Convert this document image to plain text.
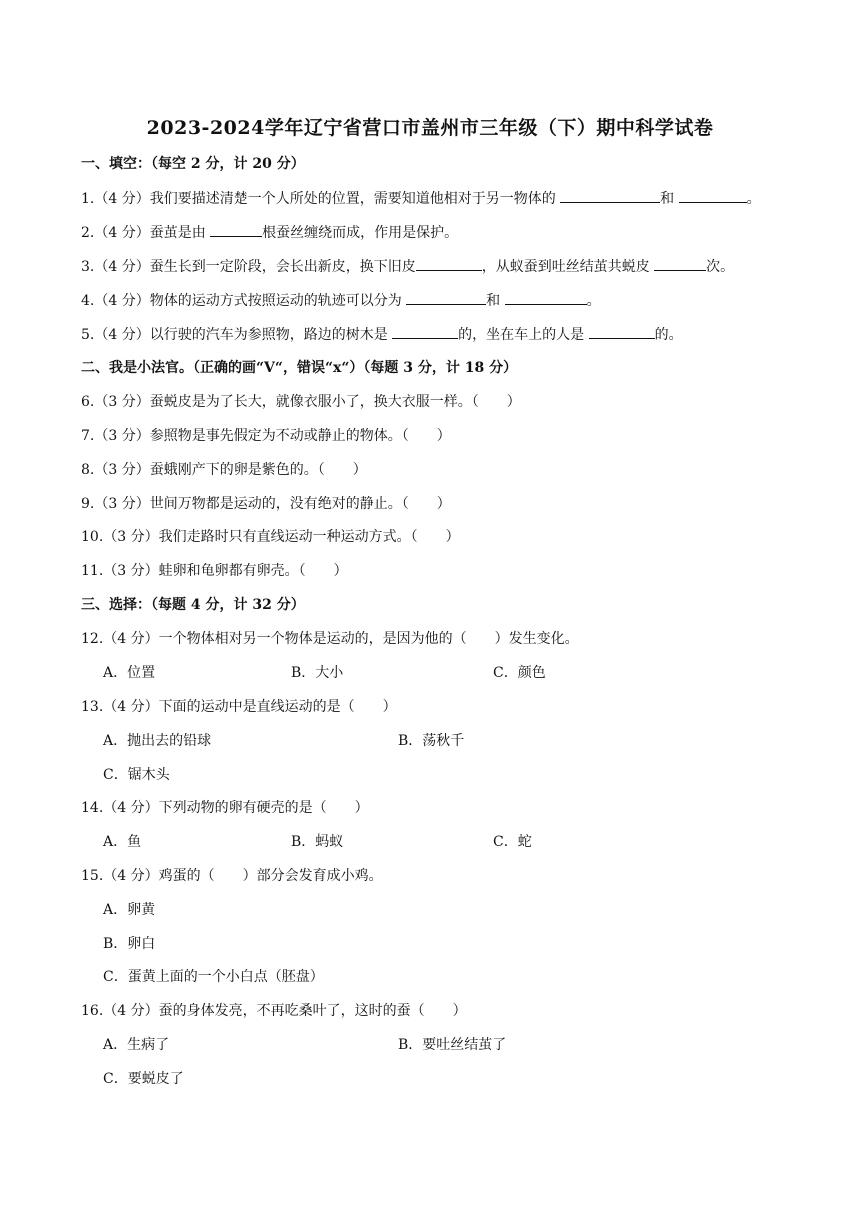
2023-2024学年辽宁省营口市盖州市三年级（下）期中科学试卷
一、填空：（每空 2 分，计 20 分）
1.（4 分）我们要描述清楚一个人所处的位置，需要知道他相对于另一物体的	和	。
2.（4 分）蚕茧是由	根蚕丝缠绕而成，作用是保护。
3.（4 分）蚕生长到一定阶段，会长出新皮，换下旧皮	，从蚁蚕到吐丝结茧共蜕皮	次。
4.（4 分）物体的运动方式按照运动的轨迹可以分为	和	。
5.（4 分）以行驶的汽车为参照物，路边的树木是	的，坐在车上的人是	的。
二、我是小法官。（正确的画“V“，错误“x“）（每题 3 分，计 18 分）
6.（3 分）蚕蜕皮是为了长大，就像衣服小了，换大衣服一样。（　　）
7.（3 分）参照物是事先假定为不动或静止的物体。（　　）
8.（3 分）蚕蛾刚产下的卵是紫色的。（　　）
9.（3 分）世间万物都是运动的，没有绝对的静止。（　　）
10.（3 分）我们走路时只有直线运动一种运动方式。（　　）
11.（3 分）蛙卵和龟卵都有卵壳。（　　）
三、选择：（每题 4 分，计 32 分）
12.（4 分）一个物体相对另一个物体是运动的，是因为他的（　　）发生变化。
A．位置	B．大小	C．颜色
13.（4 分）下面的运动中是直线运动的是（　　）
A．抛出去的铅球	B．荡秋千
C．锯木头
14.（4 分）下列动物的卵有硬壳的是（　　）
A．鱼	B．蚂蚁	C．蛇
15.（4 分）鸡蛋的（　　）部分会发育成小鸡。
A．卵黄
B．卵白
C．蛋黄上面的一个小白点（胚盘）
16.（4 分）蚕的身体发亮，不再吃桑叶了，这时的蚕（　　）
A．生病了	B．要吐丝结茧了
C．要蜕皮了
